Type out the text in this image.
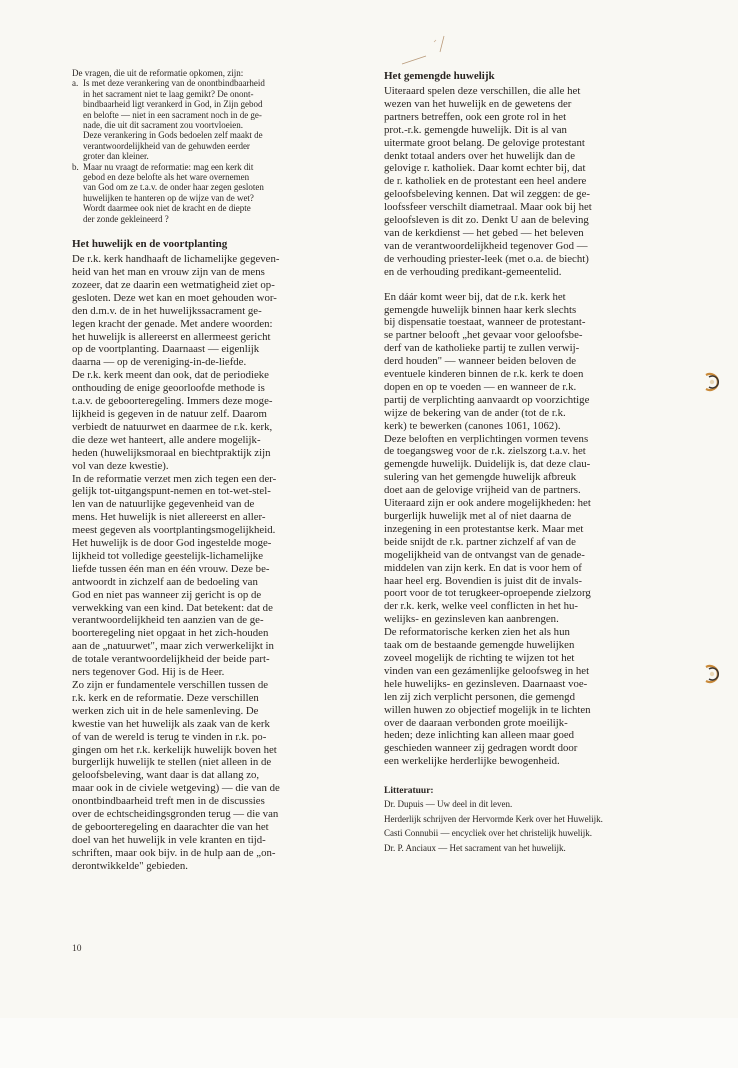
De vragen, die uit de reformatie opkomen, zijn:

a. Is met deze verankering van de onontbindbaarheid
in het sacrament niet te laag gemikt? De onont-
bindbaarheid ligt verankerd in God, in Zijn gebod
en belofte — niet in een sacrament noch in de ge-
nade, die uit dit sacrament zou voortvloeien.
Deze verankering in Gods bedoelen zelf maakt de
verantwoordelijkheid van de gehuwden eerder
groter dan kleiner.
b. Maar nu vraagt de reformatie: mag een kerk dit
gebod en deze belofte als het ware overnemen
van God om ze t.a.v. de onder haar zegen gesloten
huwelijken te hanteren op de wijze van de wet?
Wordt daarmee ook niet de kracht en de diepte
der zonde gekleineerd ?
Het huwelijk en de voortplanting

De r.k. kerk handhaaft de lichamelijke gegeven-
heid van het man en vrouw zijn van de mens
zozeer, dat ze daarin een wetmatigheid ziet op-
gesloten. Deze wet kan en moet gehouden wor-
den d.m.v. de in het huwelijkssacrament ge-
legen kracht der genade. Met andere woorden:
het huwelijk is allereerst en allermeest gericht
op de voortplanting. Daarnaast — eigenlijk
daarna — op de vereniging-in-de-liefde.
De r.k. kerk meent dan ook, dat de periodieke
onthouding de enige geoorloofde methode is
t.a.v. de geboorteregeling. Immers deze moge-
lijkheid is gegeven in de natuur zelf. Daarom
verbiedt de natuurwet en daarmee de r.k. kerk,
die deze wet hanteert, alle andere mogelijk-
heden (huwelijksmoraal en biechtpraktijk zijn
vol van deze kwestie).
In de reformatie verzet men zich tegen een der-
gelijk tot-uitgangspunt-nemen en tot-wet-stel-
len van de natuurlijke gegevenheid van de
mens. Het huwelijk is niet allereerst en aller-
meest gegeven als voortplantingsmogelijkheid.
Het huwelijk is de door God ingestelde moge-
lijkheid tot volledige geestelijk-lichamelijke
liefde tussen één man en één vrouw. Deze be-
antwoordt in zichzelf aan de bedoeling van
God en niet pas wanneer zij gericht is op de
verwekking van een kind. Dat betekent: dat de
verantwoordelijkheid ten aanzien van de ge-
boorteregeling niet opgaat in het zich-houden
aan de „natuurwet", maar zich verwerkelijkt in
de totale verantwoordelijkheid der beide part-
ners tegenover God. Hij is de Heer.
Zo zijn er fundamentele verschillen tussen de
r.k. kerk en de reformatie. Deze verschillen
werken zich uit in de hele samenleving. De
kwestie van het huwelijk als zaak van de kerk
of van de wereld is terug te vinden in r.k. po-
gingen om het r.k. kerkelijk huwelijk boven het
burgerlijk huwelijk te stellen (niet alleen in de
geloofsbeleving, want daar is dat allang zo,
maar ook in de civiele wetgeving) — die van de
onontbindbaarheid treft men in de discussies
over de echtscheidingsgronden terug — die van
de geboorteregeling en daarachter die van het
doel van het huwelijk in vele kranten en tijd-
schriften, maar ook bijv. in de hulp aan de „on-
derontwikkelde" gebieden.

Het gemengde huwelijk

Uiteraard spelen deze verschillen, die alle het
wezen van het huwelijk en de gewetens der
partners betreffen, ook een grote rol in het
prot.-r.k. gemengde huwelijk. Dit is al van
uitermate groot belang. De gelovige protestant
denkt totaal anders over het huwelijk dan de
gelovige r. katholiek. Daar komt echter bij, dat
de r. katholiek en de protestant een heel andere
geloofsbeleving kennen. Dat wil zeggen: de ge-
loofssfeer verschilt diametraal. Maar ook bij het
geloofsleven is dit zo. Denkt U aan de beleving
van de kerkdienst — het gebed — het beleven
van de verantwoordelijkheid tegenover God —
de verhouding priester-leek (met o.a. de biecht)
en de verhouding predikant-gemeentelid.

En dáár komt weer bij, dat de r.k. kerk het
gemengde huwelijk binnen haar kerk slechts
bij dispensatie toestaat, wanneer de protestant-
se partner belooft „het gevaar voor geloofsbe-
derf van de katholieke partij te zullen verwij-
derd houden" — wanneer beiden beloven de
eventuele kinderen binnen de r.k. kerk te doen
dopen en op te voeden — en wanneer de r.k.
partij de verplichting aanvaardt op voorzichtige
wijze de bekering van de ander (tot de r.k.
kerk) te bewerken (canones 1061, 1062).
Deze beloften en verplichtingen vormen tevens
de toegangsweg voor de r.k. zielszorg t.a.v. het
gemengde huwelijk. Duidelijk is, dat deze clau-
sulering van het gemengde huwelijk afbreuk
doet aan de gelovige vrijheid van de partners.
Uiteraard zijn er ook andere mogelijkheden: het
burgerlijk huwelijk met al of niet daarna de
inzegening in een protestantse kerk. Maar met
beide snijdt de r.k. partner zichzelf af van de
mogelijkheid van de ontvangst van de genade-
middelen van zijn kerk. En dat is voor hem of
haar heel erg. Bovendien is juist dit de invals-
poort voor de tot terugkeer-oproepende zielzorg
der r.k. kerk, welke veel conflicten in het hu-
welijks- en gezinsleven kan aanbrengen.
De reformatorische kerken zien het als hun
taak om de bestaande gemengde huwelijken
zoveel mogelijk de richting te wijzen tot het
vinden van een gezámenlijke geloofsweg in het
hele huwelijks- en gezinsleven. Daarnaast voe-
len zij zich verplicht personen, die gemengd
willen huwen zo objectief mogelijk in te lichten
over de daaraan verbonden grote moeilijk-
heden; deze inlichting kan alleen maar goed
geschieden wanneer zij gedragen wordt door
een werkelijke herderlijke bewogenheid.

Litteratuur:
Dr. Dupuis — Uw deel in dit leven.
Herderlijk schrijven der Hervormde Kerk over het Huwelijk.
Casti Connubii — encycliek over het christelijk huwelijk.
Dr. P. Anciaux — Het sacrament van het huwelijk.
10
